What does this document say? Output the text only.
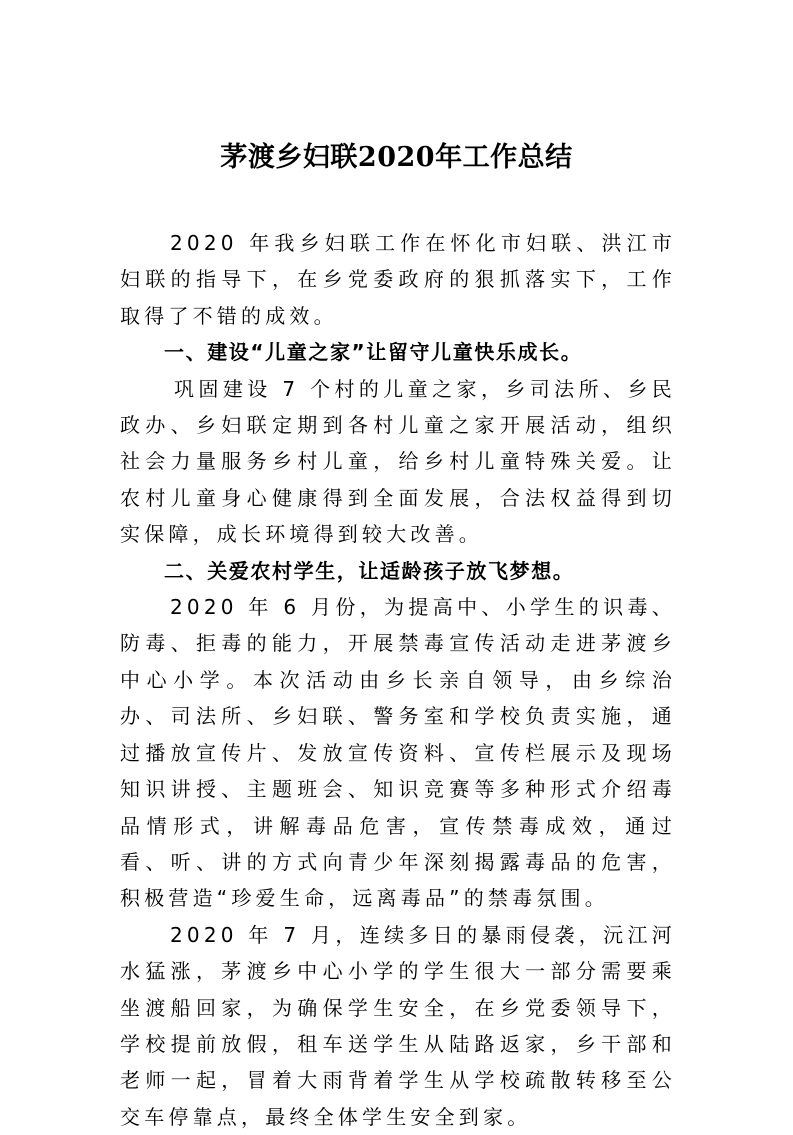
茅渡乡妇联2020年工作总结

2020 年我乡妇联工作在怀化市妇联、洪江市妇联的指导下，在乡党委政府的狠抓落实下，工作取得了不错的成效。

一、建设“儿童之家”让留守儿童快乐成长。

巩固建设 7 个村的儿童之家，乡司法所、乡民政办、乡妇联定期到各村儿童之家开展活动，组织社会力量服务乡村儿童，给乡村儿童特殊关爱。让农村儿童身心健康得到全面发展，合法权益得到切实保障，成长环境得到较大改善。

二、关爱农村学生，让适龄孩子放飞梦想。

2020 年 6 月份，为提高中、小学生的识毒、防毒、拒毒的能力，开展禁毒宣传活动走进茅渡乡中心小学。本次活动由乡长亲自领导，由乡综治办、司法所、乡妇联、警务室和学校负责实施，通过播放宣传片、发放宣传资料、宣传栏展示及现场知识讲授、主题班会、知识竞赛等多种形式介绍毒品情形式，讲解毒品危害，宣传禁毒成效，通过看、听、讲的方式向青少年深刻揭露毒品的危害，积极营造“珍爱生命，远离毒品”的禁毒氛围。

2020 年 7 月，连续多日的暴雨侵袭，沅江河水猛涨，茅渡乡中心小学的学生很大一部分需要乘坐渡船回家，为确保学生安全，在乡党委领导下，学校提前放假，租车送学生从陆路返家，乡干部和老师一起，冒着大雨背着学生从学校疏散转移至公交车停靠点，最终全体学生安全到家。
